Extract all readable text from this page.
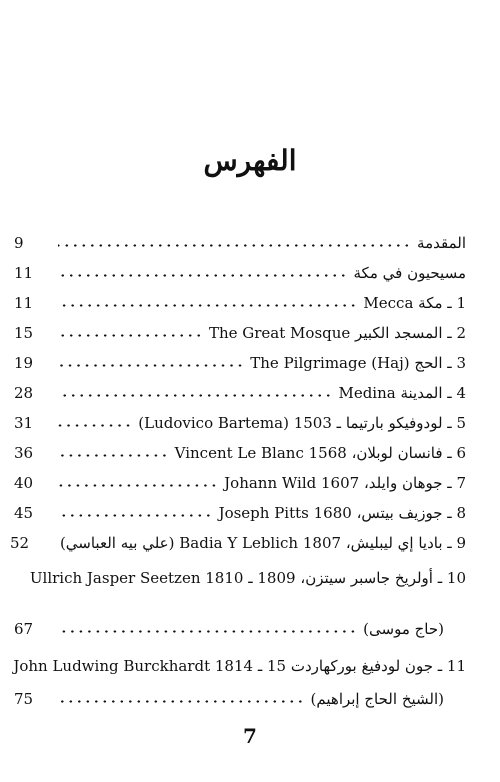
الفهرس
المقدمة
9
مسيحيون في مكة
11
1 ـ مكة Mecca
11
2 ـ المسجد الكبير The Great Mosque
15
3 ـ الحج The Pilgrimage (Haj)
19
4 ـ المدينة Medina
28
5 ـ لودوفيكو بارتيما ـ 1503 (Ludovico Bartema)
31
6 ـ فانسان لوبلان، Vincent Le Blanc 1568
36
7 ـ جوهان وايلد، Johann Wild 1607
40
8 ـ جوزيف بيتس، Joseph Pitts 1680
45
9 ـ باديا إي ليبليش، Badia Y Leblich 1807 (علي بيه العباسي)
52
10 ـ أولريخ جاسبر سيتزن، 1809 ـ 1810 Ullrich Jasper Seetzen
(حاج موسى)
67
11 ـ جون لودفيغ بوركهاردت 15 ـ 1814 John Ludwing Burckhardt
(الشيخ الحاج إبراهيم)
75
7
